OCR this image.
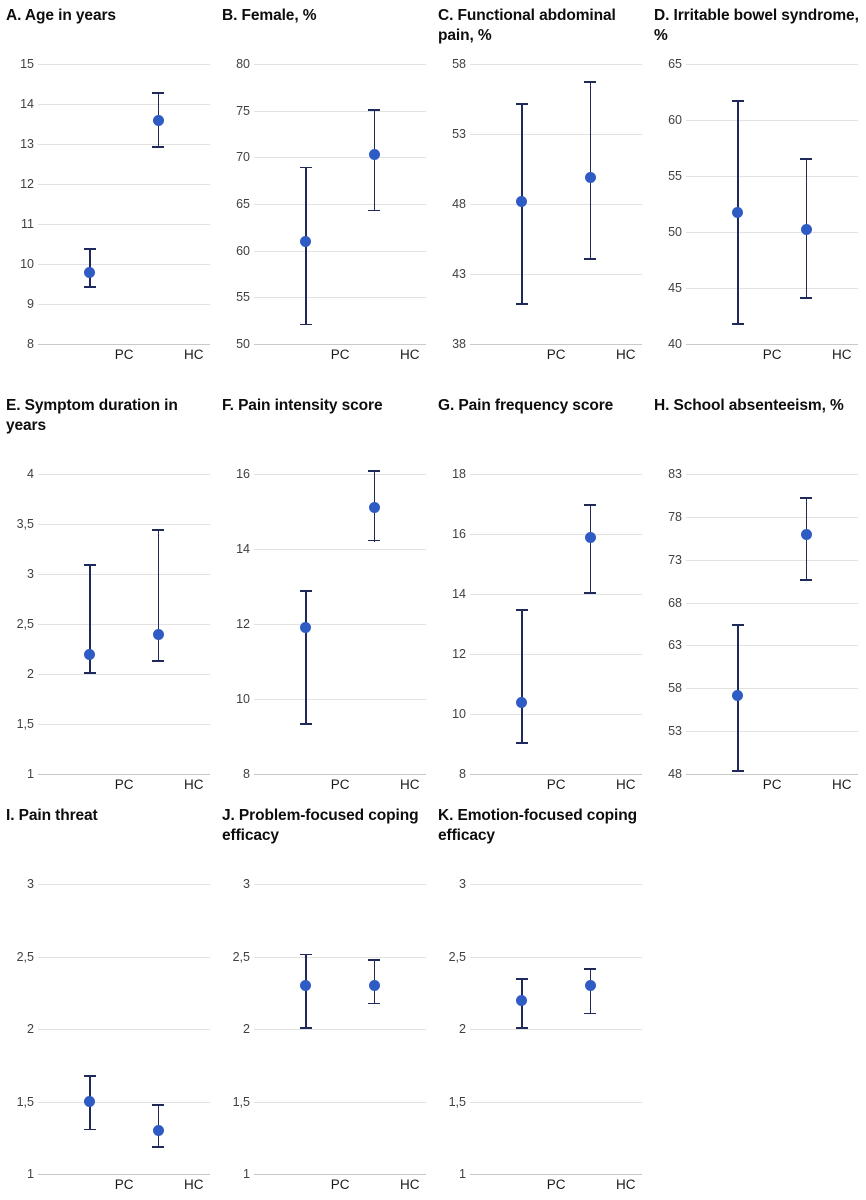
A. Age in years
8
9
10
11
12
13
14
15
PC	HC
B. Female, %
50
55
60
65
70
75
80
PC	HC
C. Functional abdominal pain, %
38
43
48
53
58
PC	HC
D. Irritable bowel syndrome, %
40
45
50
55
60
65
PC	HC
E. Symptom duration in years
1
1,5
2
2,5
3
3,5
4
PC	HC
F. Pain intensity score
8
10
12
14
16
PC	HC
G. Pain frequency score
8
10
12
14
16
18
PC	HC
H. School absenteeism, %
48
53
58
63
68
73
78
83
PC	HC
I. Pain threat
1
1,5
2
2,5
3
PC	HC
J. Problem-focused coping efficacy
1
1,5
2
2,5
3
PC	HC
K. Emotion-focused coping efficacy
1
1,5
2
2,5
3
PC	HC
